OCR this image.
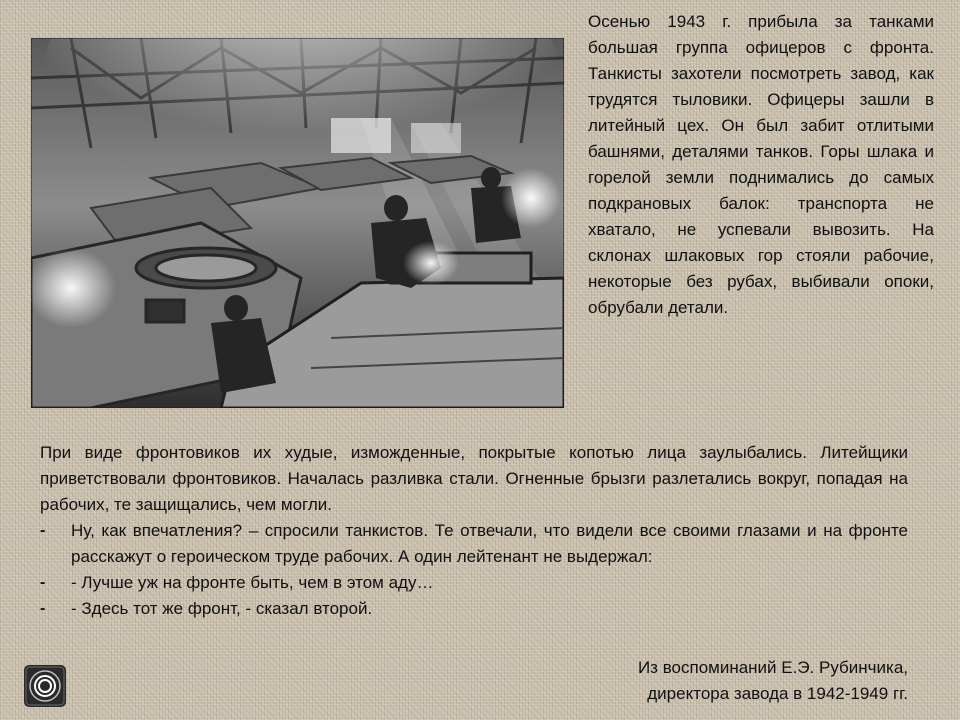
Осенью 1943 г. прибыла за танками большая группа офицеров с фронта. Танкисты захотели посмотреть завод, как трудятся тыловики. Офицеры зашли в литейный цех. Он был забит отлитыми башнями, деталями танков. Горы шлака и горелой земли поднимались до самых подкрановых балок: транспорта не хватало, не успевали вывозить. На склонах шлаковых гор стояли рабочие, некоторые без рубах, выбивали опоки, обрубали детали.

При виде фронтовиков их худые, изможденные, покрытые копотью лица заулыбались. Литейщики приветствовали фронтовиков. Началась разливка стали. Огненные брызги разлетались вокруг, попадая на рабочих, те защищались, чем могли.

-	Ну, как впечатления? – спросили танкистов. Те отвечали, что видели все своими глазами и на фронте расскажут о героическом труде рабочих. А один лейтенант не выдержал:
-	- Лучше уж на фронте быть, чем в этом аду…
-	- Здесь тот же фронт, - сказал второй.
Из воспоминаний Е.Э. Рубинчика,
директора завода в 1942-1949 гг.
